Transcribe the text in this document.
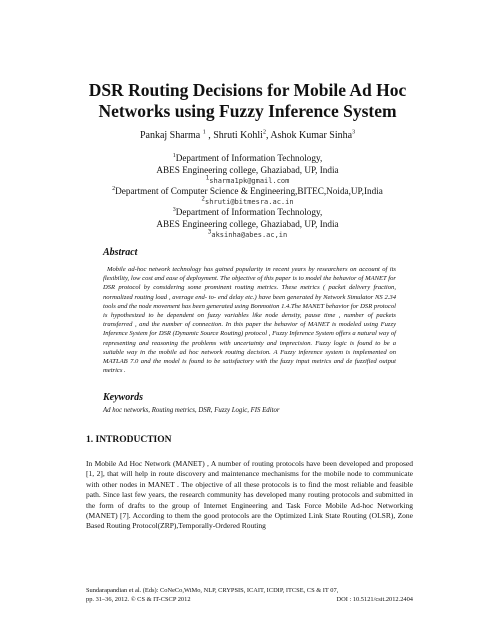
DSR Routing Decisions for Mobile Ad Hoc
Networks using Fuzzy Inference System
Pankaj Sharma $^1$ , Shruti Kohli$^2$, Ashok Kumar Sinha$^3$
$^1$Department of Information Technology,
ABES Engineering college, Ghaziabad, UP, India
$^1$sharma1pk@gmail.com
$^2$Department of Computer Science & Engineering,BITEC,Noida,UP,India
$^2$shruti@bitmesra.ac.in
$^3$Department of Information Technology,
ABES Engineering college, Ghaziabad, UP, India
$^3$aksinha@abes.ac,in
Abstract
Mobile ad-hoc network technology has gained popularity in recent years by researchers on account of its flexibility, low cost and ease of deployment. The objective of this paper is to model the behavior of MANET for DSR protocol by considering some prominent routing metrics. These metrics ( packet delivery fraction, normalized routing load , average end- to- end delay etc.) have been generated by Network Simulator NS 2.34 tools and the node movement has been generated using Bonmotion 1.4.The MANET behavior for DSR protocol is hypothesized to be dependent on fuzzy variables like node density, pause time , number of packets transferred , and the number of connection. In this paper the behavior of MANET is modeled using Fuzzy Inference System for DSR (Dynamic Source Routing) protocol , Fuzzy Inference System offers a natural way of representing and reasoning the problems with uncertainty and imprecision. Fuzzy logic is found to be a suitable way in the mobile ad hoc network routing decision. A Fuzzy inference system is implemented on MATLAB 7.0 and the model is found to be satisfactory with the fuzzy input metrics and de fuzzified output metrics .
Keywords
Ad hoc networks, Routing metrics, DSR, Fuzzy Logic, FIS Editor
1. INTRODUCTION
In Mobile Ad Hoc Network (MANET) , A number of routing protocols have been developed and proposed [1, 2], that will help in route discovery and maintenance mechanisms for the mobile node to communicate with other nodes in MANET . The objective of all these protocols is to find the most reliable and feasible path. Since last few years, the research community has developed many routing protocols and submitted in the form of drafts to the group of Internet Engineering and Task Force Mobile Ad-hoc Networking (MANET) [7]. According to them the good protocols are the Optimized Link State Routing (OLSR), Zone Based Routing Protocol(ZRP),Temporally-Ordered Routing
Sundarapandian et al. (Eds): CoNeCo,WiMo, NLP, CRYPSIS, ICAIT, ICDIP, ITCSE, CS & IT 07,
pp. 31–36, 2012. © CS & IT-CSCP 2012	DOI : 10.5121/csit.2012.2404
